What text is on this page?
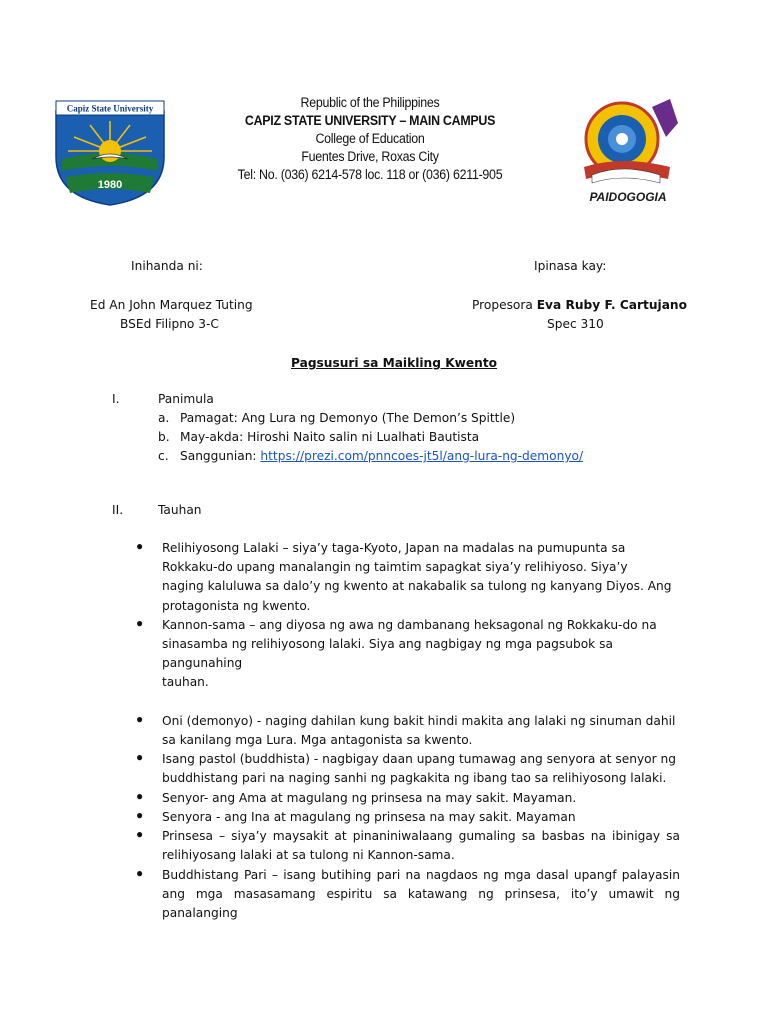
Capiz State University
1980
Republic of the Philippines
CAPIZ STATE UNIVERSITY – MAIN CAMPUS
College of Education
Fuentes Drive, Roxas City
Tel: No. (036) 6214-578 loc. 118 or (036) 6211-905
PAIDOGOGIA
Inihanda ni:	Ipinasa kay:
Ed An John Marquez Tuting
BSEd Filipno 3-C
Propesora Eva Ruby F. Cartujano
Spec 310
Pagsusuri sa Maikling Kwento
I.	Panimula
a. Pamagat: Ang Lura ng Demonyo (The Demon’s Spittle)
b. May-akda: Hiroshi Naito salin ni Lualhati Bautista
c. Sanggunian: https://prezi.com/pnncoes-jt5l/ang-lura-ng-demonyo/
II.	Tauhan
● Relihiyosong Lalaki – siya’y taga-Kyoto, Japan na madalas na pumupunta sa Rokkaku-do upang manalangin ng taimtim sapagkat siya’y relihiyoso. Siya’y naging kaluluwa sa dalo’y ng kwento at nakabalik sa tulong ng kanyang Diyos. Ang protagonista ng kwento.
● Kannon-sama – ang diyosa ng awa ng dambanang heksagonal ng Rokkaku-do na sinasamba ng relihiyosong lalaki. Siya ang nagbigay ng mga pagsubok sa pangunahing
tauhan.
● Oni (demonyo) - naging dahilan kung bakit hindi makita ang lalaki ng sinuman dahil sa kanilang mga Lura. Mga antagonista sa kwento.
● Isang pastol (buddhista) - nagbigay daan upang tumawag ang senyora at senyor ng buddhistang pari na naging sanhi ng pagkakita ng ibang tao sa relihiyosong lalaki.
● Senyor- ang Ama at magulang ng prinsesa na may sakit. Mayaman.
● Senyora - ang Ina at magulang ng prinsesa na may sakit. Mayaman
● Prinsesa – siya’y maysakit at pinaniniwalaang gumaling sa basbas na ibinigay sa relihiyosang lalaki at sa tulong ni Kannon-sama.
● Buddhistang Pari – isang butihing pari na nagdaos ng mga dasal upangf palayasin ang mga masasamang espiritu sa katawang ng prinsesa, ito’y umawit ng panalanging
